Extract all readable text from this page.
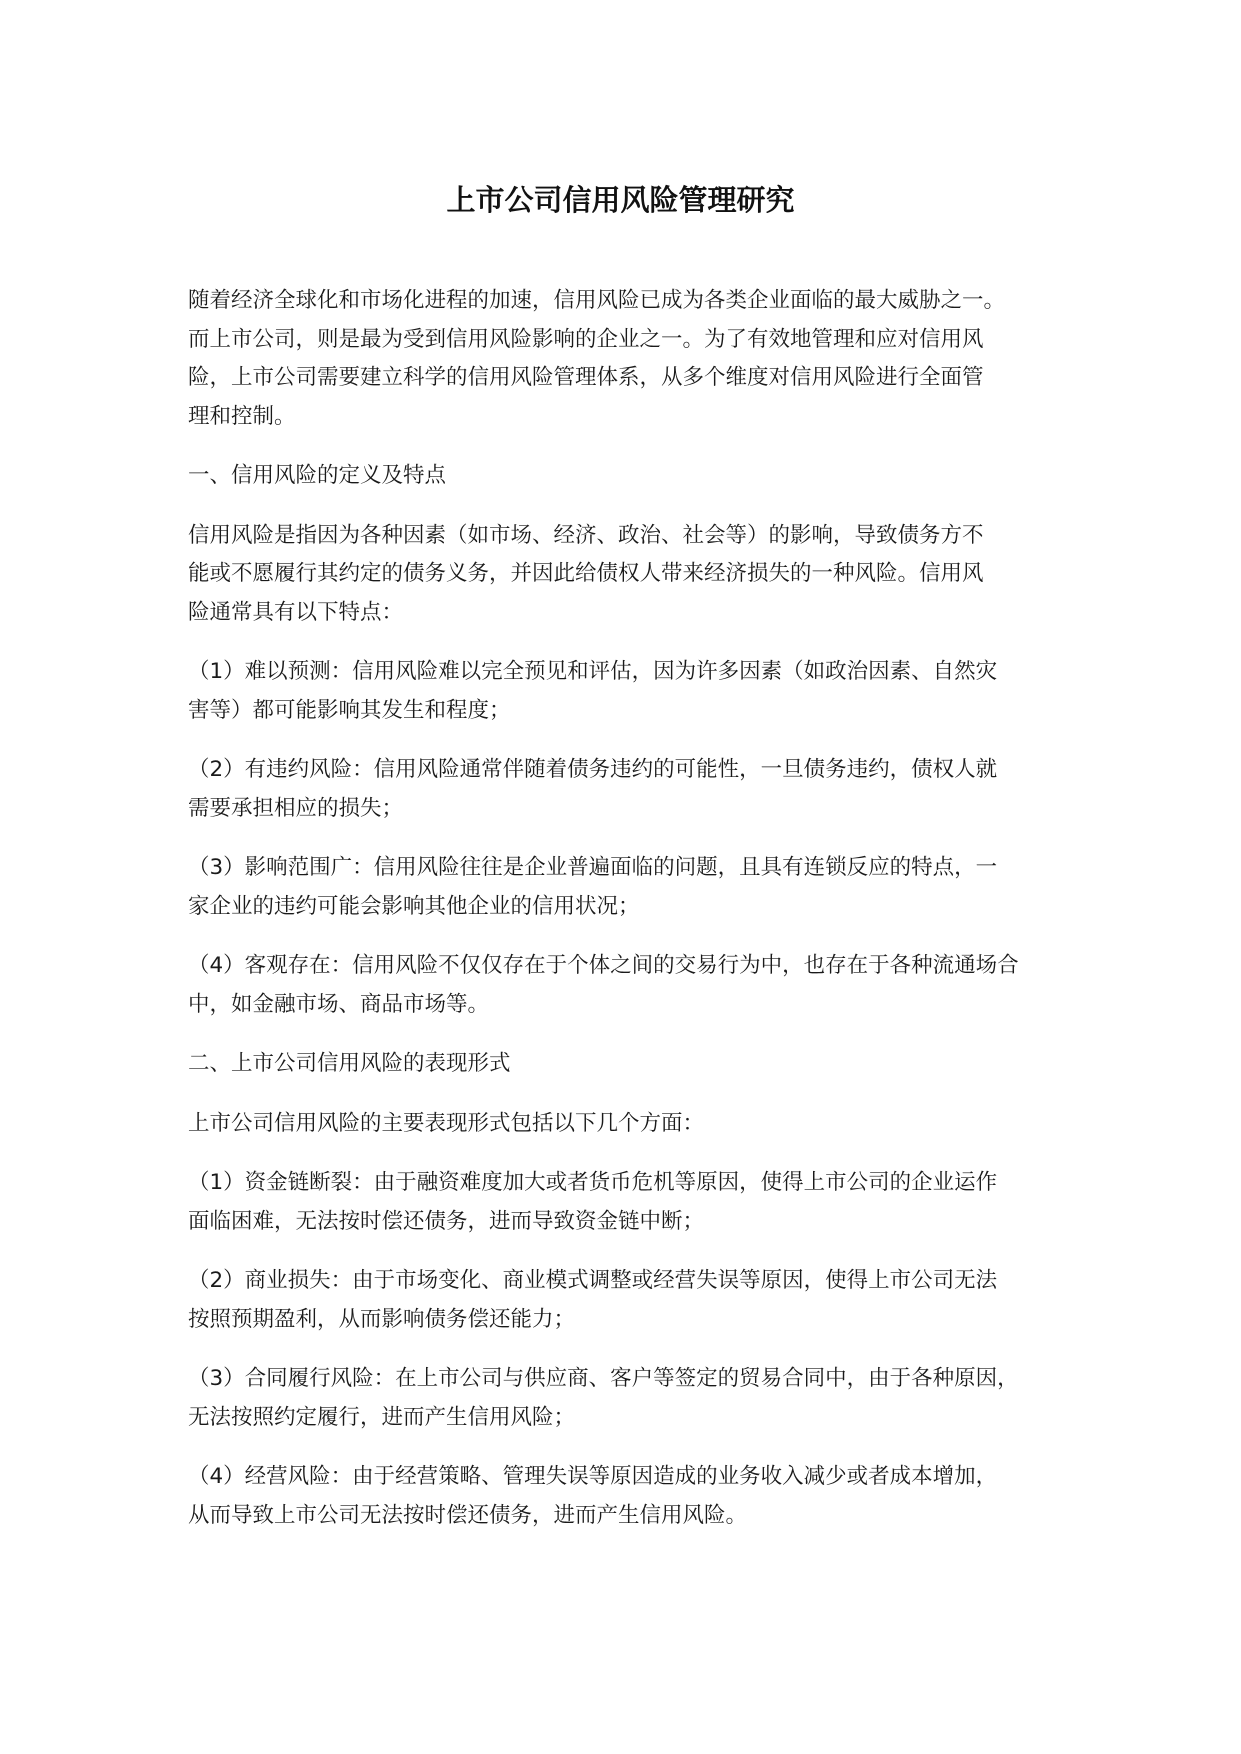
上市公司信用风险管理研究
随着经济全球化和市场化进程的加速，信用风险已成为各类企业面临的最大威胁之一。
而上市公司，则是最为受到信用风险影响的企业之一。为了有效地管理和应对信用风
险，上市公司需要建立科学的信用风险管理体系，从多个维度对信用风险进行全面管
理和控制。
一、信用风险的定义及特点
信用风险是指因为各种因素（如市场、经济、政治、社会等）的影响，导致债务方不
能或不愿履行其约定的债务义务，并因此给债权人带来经济损失的一种风险。信用风
险通常具有以下特点：
（1）难以预测：信用风险难以完全预见和评估，因为许多因素（如政治因素、自然灾
害等）都可能影响其发生和程度；
（2）有违约风险：信用风险通常伴随着债务违约的可能性，一旦债务违约，债权人就
需要承担相应的损失；
（3）影响范围广：信用风险往往是企业普遍面临的问题，且具有连锁反应的特点，一
家企业的违约可能会影响其他企业的信用状况；
（4）客观存在：信用风险不仅仅存在于个体之间的交易行为中，也存在于各种流通场合
中，如金融市场、商品市场等。
二、上市公司信用风险的表现形式
上市公司信用风险的主要表现形式包括以下几个方面：
（1）资金链断裂：由于融资难度加大或者货币危机等原因，使得上市公司的企业运作
面临困难，无法按时偿还债务，进而导致资金链中断；
（2）商业损失：由于市场变化、商业模式调整或经营失误等原因，使得上市公司无法
按照预期盈利，从而影响债务偿还能力；
（3）合同履行风险：在上市公司与供应商、客户等签定的贸易合同中，由于各种原因，
无法按照约定履行，进而产生信用风险；
（4）经营风险：由于经营策略、管理失误等原因造成的业务收入减少或者成本增加，
从而导致上市公司无法按时偿还债务，进而产生信用风险。
